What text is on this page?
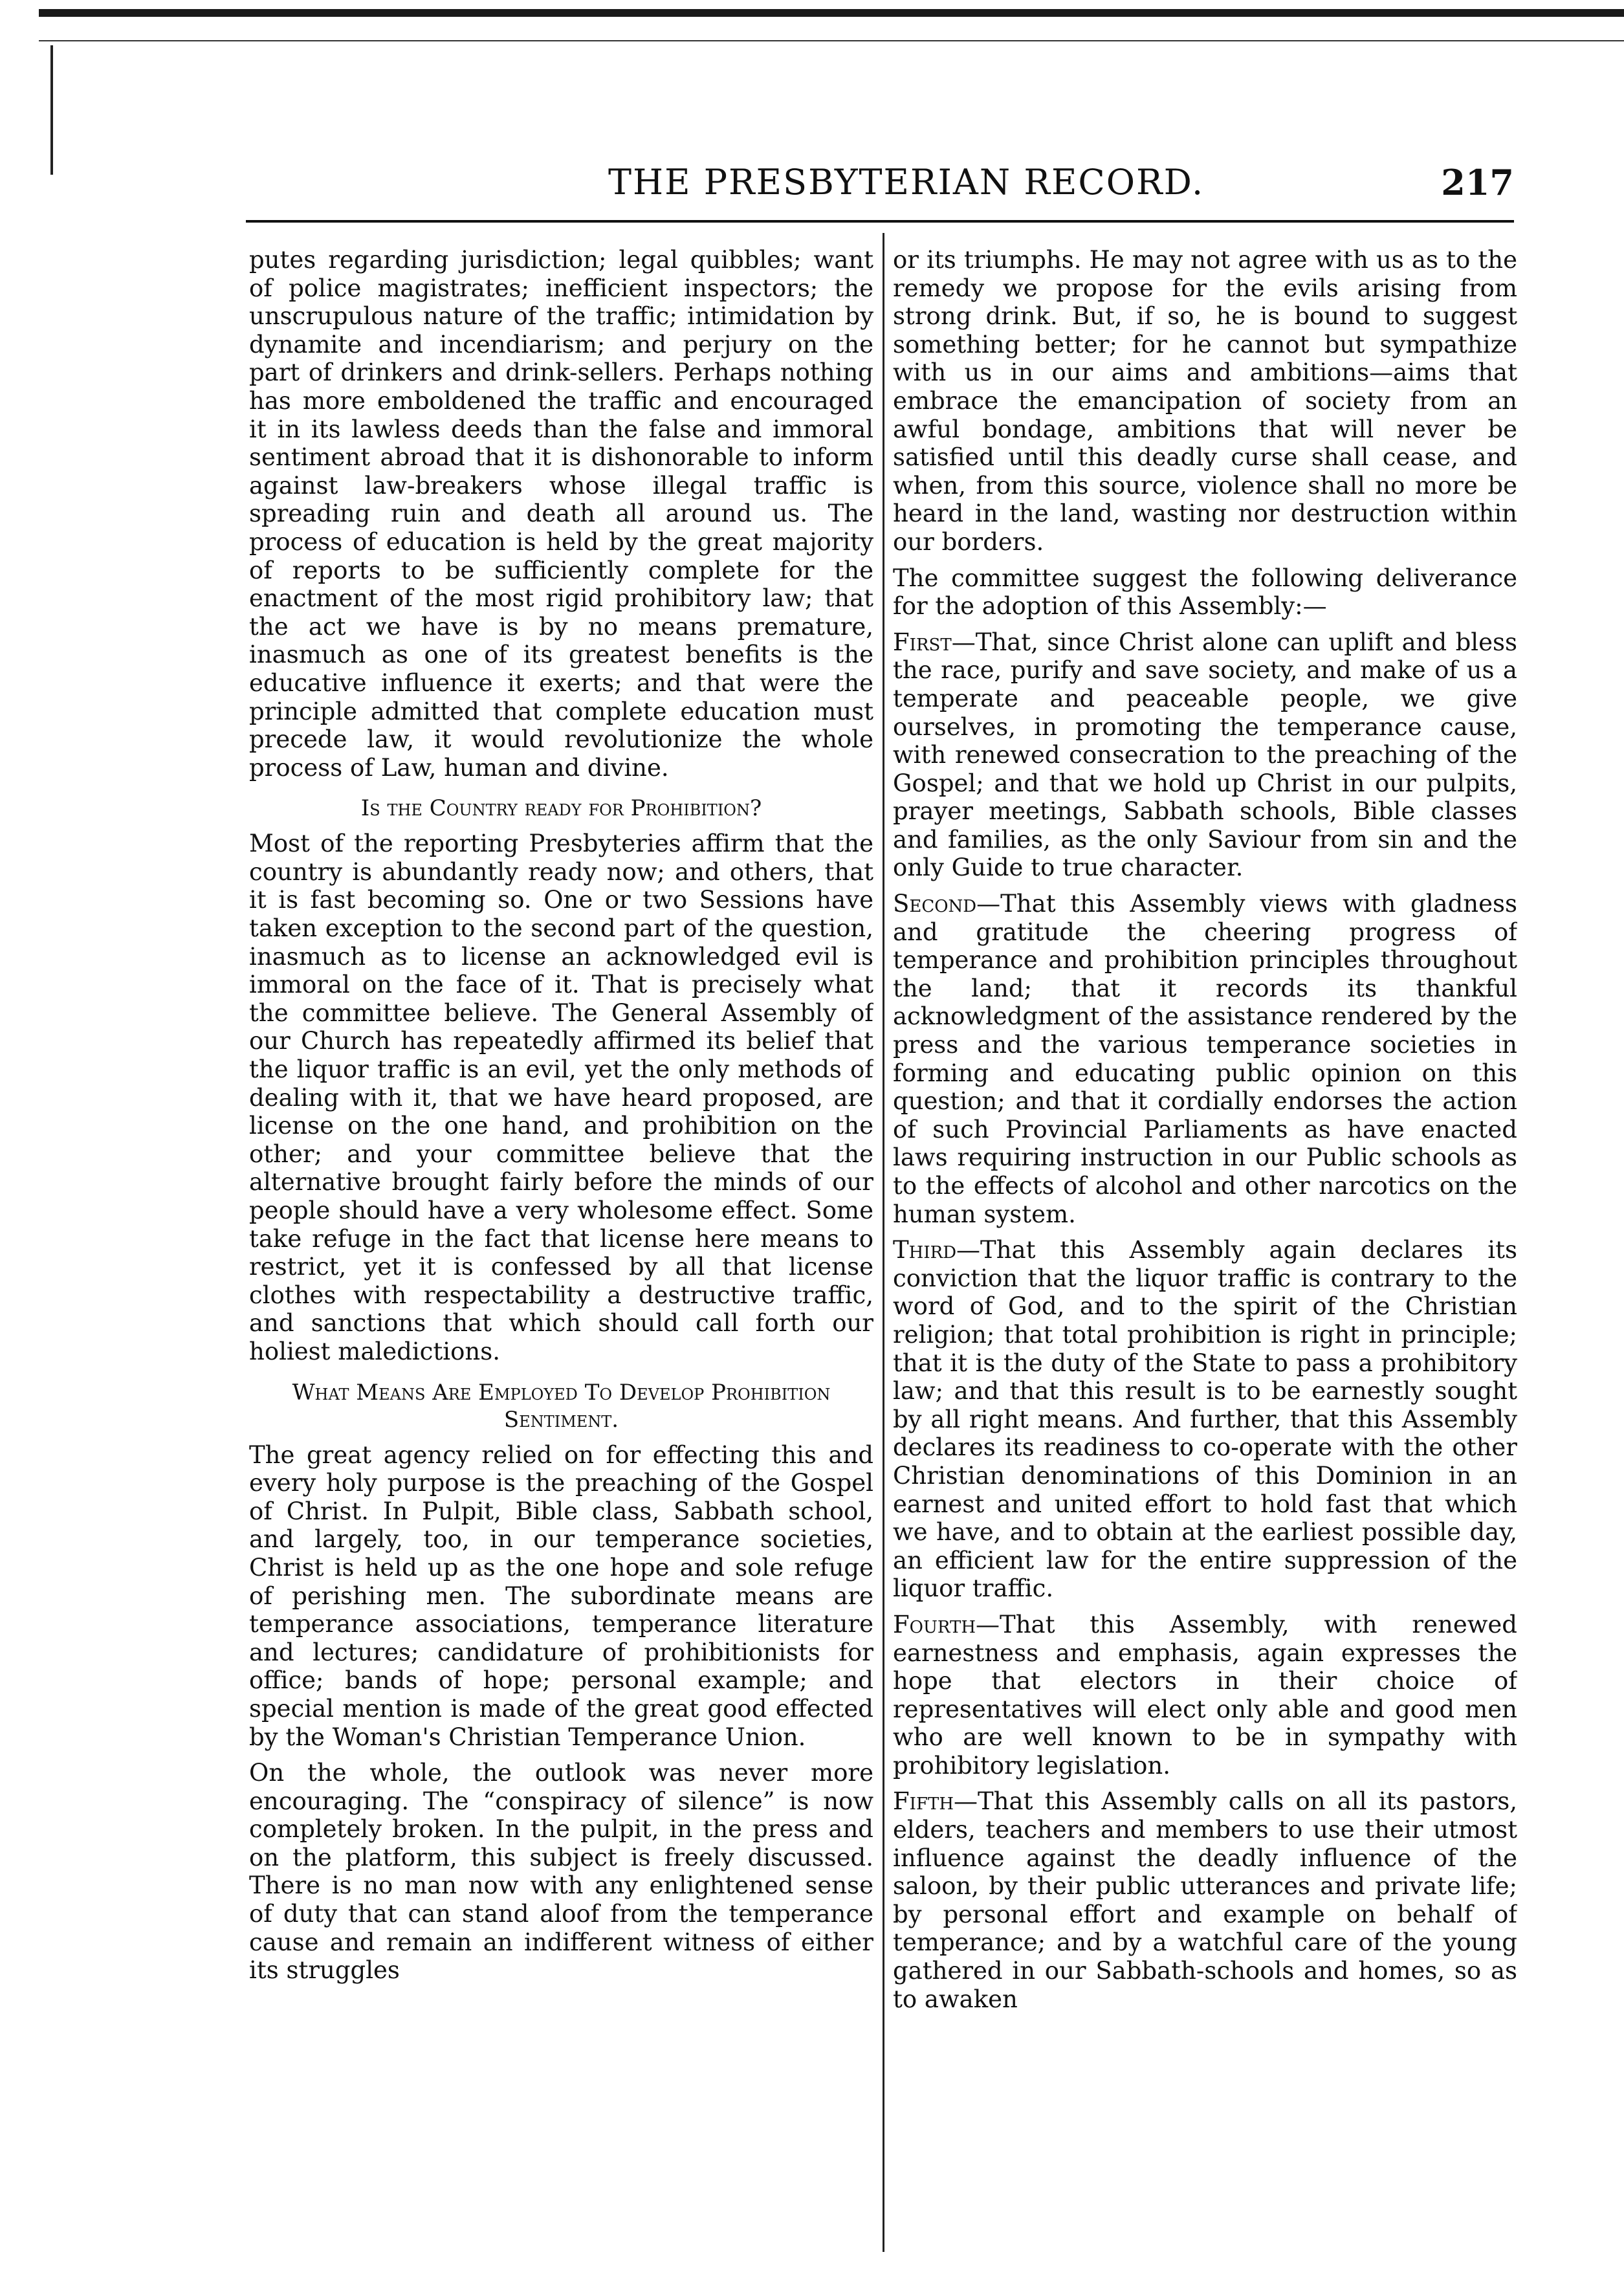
THE PRESBYTERIAN RECORD.	217

putes regarding jurisdiction; legal quibbles; want of police magistrates; inefficient inspectors; the unscrupulous nature of the traffic; intimidation by dynamite and incendiarism; and perjury on the part of drinkers and drink-sellers. Perhaps nothing has more emboldened the traffic and encouraged it in its lawless deeds than the false and immoral sentiment abroad that it is dishonorable to inform against law-breakers whose illegal traffic is spreading ruin and death all around us. The process of education is held by the great majority of reports to be sufficiently complete for the enactment of the most rigid prohibitory law; that the act we have is by no means premature, inasmuch as one of its greatest benefits is the educative influence it exerts; and that were the principle admitted that complete education must precede law, it would revolutionize the whole process of Law, human and divine.

Is the Country ready for Prohibition?

Most of the reporting Presbyteries affirm that the country is abundantly ready now; and others, that it is fast becoming so. One or two Sessions have taken exception to the second part of the question, inasmuch as to license an acknowledged evil is immoral on the face of it. That is precisely what the committee believe. The General Assembly of our Church has repeatedly affirmed its belief that the liquor traffic is an evil, yet the only methods of dealing with it, that we have heard proposed, are license on the one hand, and prohibition on the other; and your committee believe that the alternative brought fairly before the minds of our people should have a very wholesome effect. Some take refuge in the fact that license here means to restrict, yet it is confessed by all that license clothes with respectability a destructive traffic, and sanctions that which should call forth our holiest maledictions.

What Means Are Employed To Develop Prohibition Sentiment.

The great agency relied on for effecting this and every holy purpose is the preaching of the Gospel of Christ. In Pulpit, Bible class, Sabbath school, and largely, too, in our temperance societies, Christ is held up as the one hope and sole refuge of perishing men. The subordinate means are temperance associations, temperance literature and lectures; candidature of prohibitionists for office; bands of hope; personal example; and special mention is made of the great good effected by the Woman's Christian Temperance Union.

On the whole, the outlook was never more encouraging. The “conspiracy of silence” is now completely broken. In the pulpit, in the press and on the platform, this subject is freely discussed. There is no man now with any enlightened sense of duty that can stand aloof from the temperance cause and remain an indifferent witness of either its struggles

or its triumphs. He may not agree with us as to the remedy we propose for the evils arising from strong drink. But, if so, he is bound to suggest something better; for he cannot but sympathize with us in our aims and ambitions—aims that embrace the emancipation of society from an awful bondage, ambitions that will never be satisfied until this deadly curse shall cease, and when, from this source, violence shall no more be heard in the land, wasting nor destruction within our borders.

The committee suggest the following deliverance for the adoption of this Assembly:—

First—That, since Christ alone can uplift and bless the race, purify and save society, and make of us a temperate and peaceable people, we give ourselves, in promoting the temperance cause, with renewed consecration to the preaching of the Gospel; and that we hold up Christ in our pulpits, prayer meetings, Sabbath schools, Bible classes and families, as the only Saviour from sin and the only Guide to true character.

Second—That this Assembly views with gladness and gratitude the cheering progress of temperance and prohibition principles throughout the land; that it records its thankful acknowledgment of the assistance rendered by the press and the various temperance societies in forming and educating public opinion on this question; and that it cordially endorses the action of such Provincial Parliaments as have enacted laws requiring instruction in our Public schools as to the effects of alcohol and other narcotics on the human system.

Third—That this Assembly again declares its conviction that the liquor traffic is contrary to the word of God, and to the spirit of the Christian religion; that total prohibition is right in principle; that it is the duty of the State to pass a prohibitory law; and that this result is to be earnestly sought by all right means. And further, that this Assembly declares its readiness to co-operate with the other Christian denominations of this Dominion in an earnest and united effort to hold fast that which we have, and to obtain at the earliest possible day, an efficient law for the entire suppression of the liquor traffic.

Fourth—That this Assembly, with renewed earnestness and emphasis, again expresses the hope that electors in their choice of representatives will elect only able and good men who are well known to be in sympathy with prohibitory legislation.

Fifth—That this Assembly calls on all its pastors, elders, teachers and members to use their utmost influence against the deadly influence of the saloon, by their public utterances and private life; by personal effort and example on behalf of temperance; and by a watchful care of the young gathered in our Sabbath-schools and homes, so as to awaken
